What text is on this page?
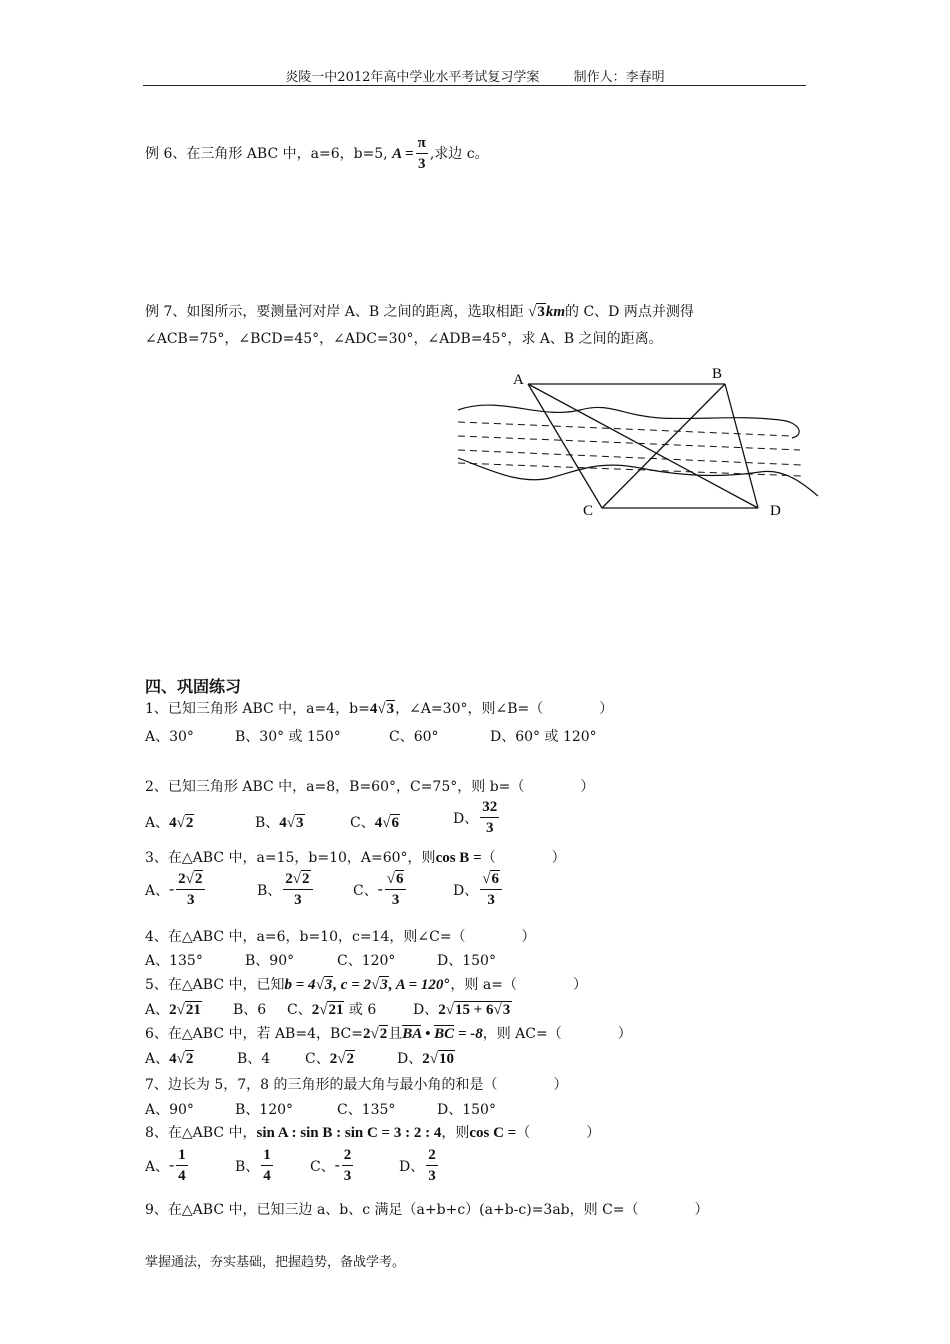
炎陵一中2012年高中学业水平考试复习学案	制作人：李春明
例 6、在三角形 ABC 中，a=6，b=5, $A = \frac{\pi}{3}$ ,求边 c。
例 7、如图所示，要测量河对岸 A、B 之间的距离，选取相距 √3km的 C、D 两点并测得
∠ACB=75°，∠BCD=45°，∠ADC=30°，∠ADB=45°，求 A、B 之间的距离。
A	B
C	D
四、巩固练习
1、已知三角形 ABC 中，a=4，b=4√3，∠A=30°，则∠B=（　　　　）
A、30°	B、30° 或 150°	C、60°	D、60° 或 120°
2、已知三角形 ABC 中，a=8，B=60°，C=75°，则 b=（　　　　）
A、4√2	B、4√3	C、4√6	D、 $\frac{32}{3}$
3、在△ABC 中，a=15，b=10，A=60°，则cos B =（　　　　）
A、- $\frac{2√2}{3}$	B、 $\frac{2√2}{3}$	C、- $\frac{√6}{3}$	D、 $\frac{√6}{3}$
4、在△ABC 中，a=6，b=10，c=14，则∠C=（　　　　）
A、135°	B、90°	C、120°	D、150°
5、在△ABC 中，已知b = 4√3, c = 2√3, A = 120°，则 a=（　　　　）
A、2√21 B、6 C、2√21 或 6	D、2√15 + 6√3
6、在△ABC 中，若 AB=4，BC=2√2且BA • BC = -8，则 AC=（　　　　）
A、4√2	B、4 C、2√2	D、2√10
7、边长为 5，7，8 的三角形的最大角与最小角的和是（　　　　）
A、90°	B、120°	C、135°	D、150°
8、在△ABC 中，sin A : sin B : sin C = 3 : 2 : 4，则cos C =（　　　　）
A、- $\frac{1}{4}$	B、 $\frac{1}{4}$	C、- $\frac{2}{3}$	D、 $\frac{2}{3}$
9、在△ABC 中，已知三边 a、b、c 满足（a+b+c）(a+b-c)=3ab，则 C=（　　　　）
掌握通法，夯实基础，把握趋势，备战学考。
